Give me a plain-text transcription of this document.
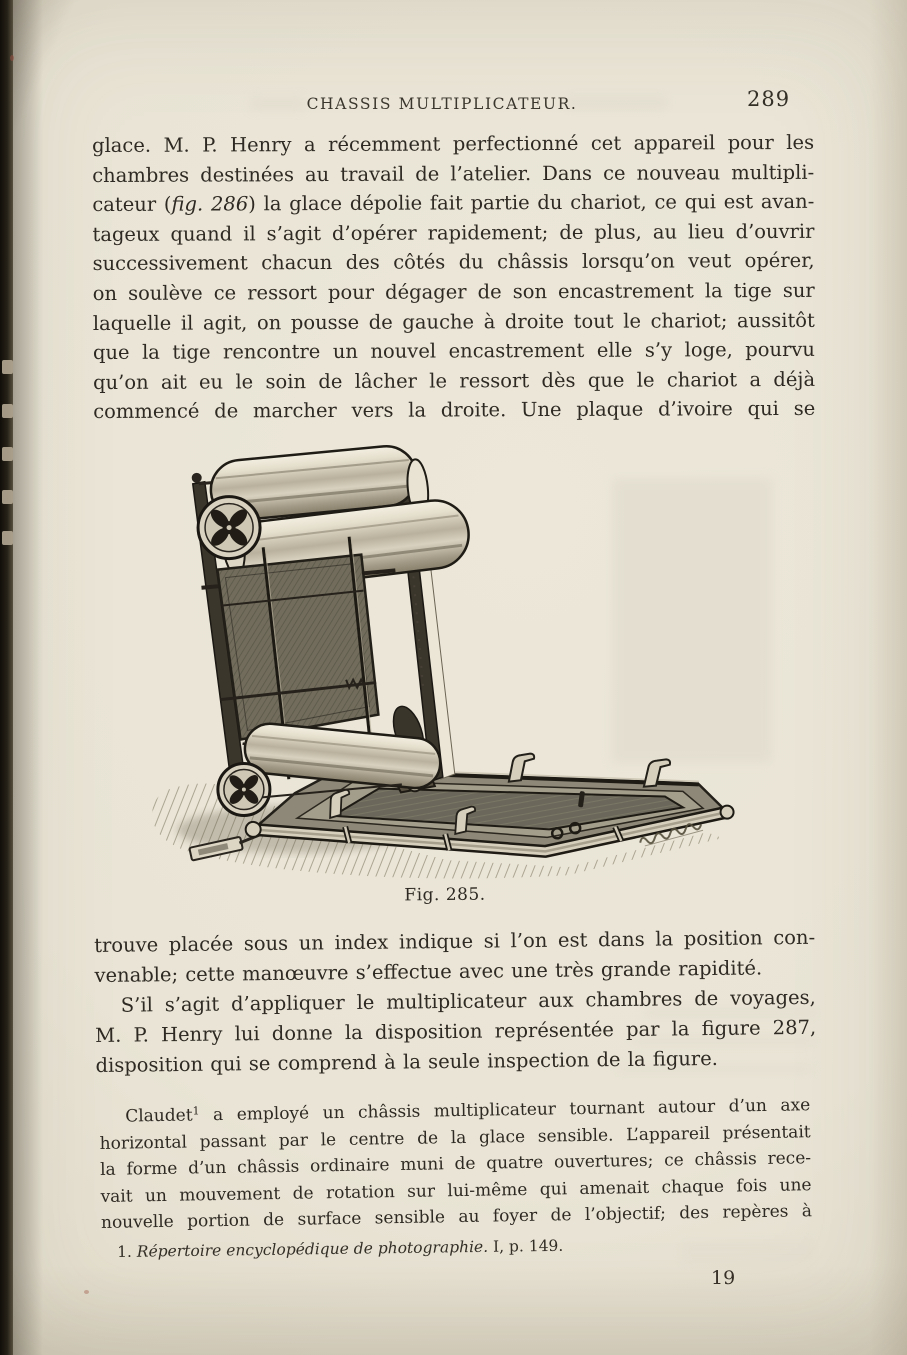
CHASSIS MULTIPLICATEUR.	289
glace. M. P. Henry a récemment perfectionné cet appareil pour les
chambres destinées au travail de l’atelier. Dans ce nouveau multipli-
cateur (fig. 286) la glace dépolie fait partie du chariot, ce qui est avan-
tageux quand il s’agit d’opérer rapidement; de plus, au lieu d’ouvrir
successivement chacun des côtés du châssis lorsqu’on veut opérer,
on soulève ce ressort pour dégager de son encastrement la tige sur
laquelle il agit, on pousse de gauche à droite tout le chariot; aussitôt
que la tige rencontre un nouvel encastrement elle s’y loge, pourvu
qu’on ait eu le soin de lâcher le ressort dès que le chariot a déjà
commencé de marcher vers la droite. Une plaque d’ivoire qui se
Fig. 285.
trouve placée sous un index indique si l’on est dans la position con-
venable; cette manœuvre s’effectue avec une très grande rapidité.
S’il s’agit d’appliquer le multiplicateur aux chambres de voyages,
M. P. Henry lui donne la disposition représentée par la figure 287,
disposition qui se comprend à la seule inspection de la figure.
Claudet$^1$ a employé un châssis multiplicateur tournant autour d’un axe
horizontal passant par le centre de la glace sensible. L’appareil présentait
la forme d’un châssis ordinaire muni de quatre ouvertures; ce châssis rece-
vait un mouvement de rotation sur lui-même qui amenait chaque fois une
nouvelle portion de surface sensible au foyer de l’objectif; des repères à
1. Répertoire encyclopédique de photographie. I, p. 149.
19
